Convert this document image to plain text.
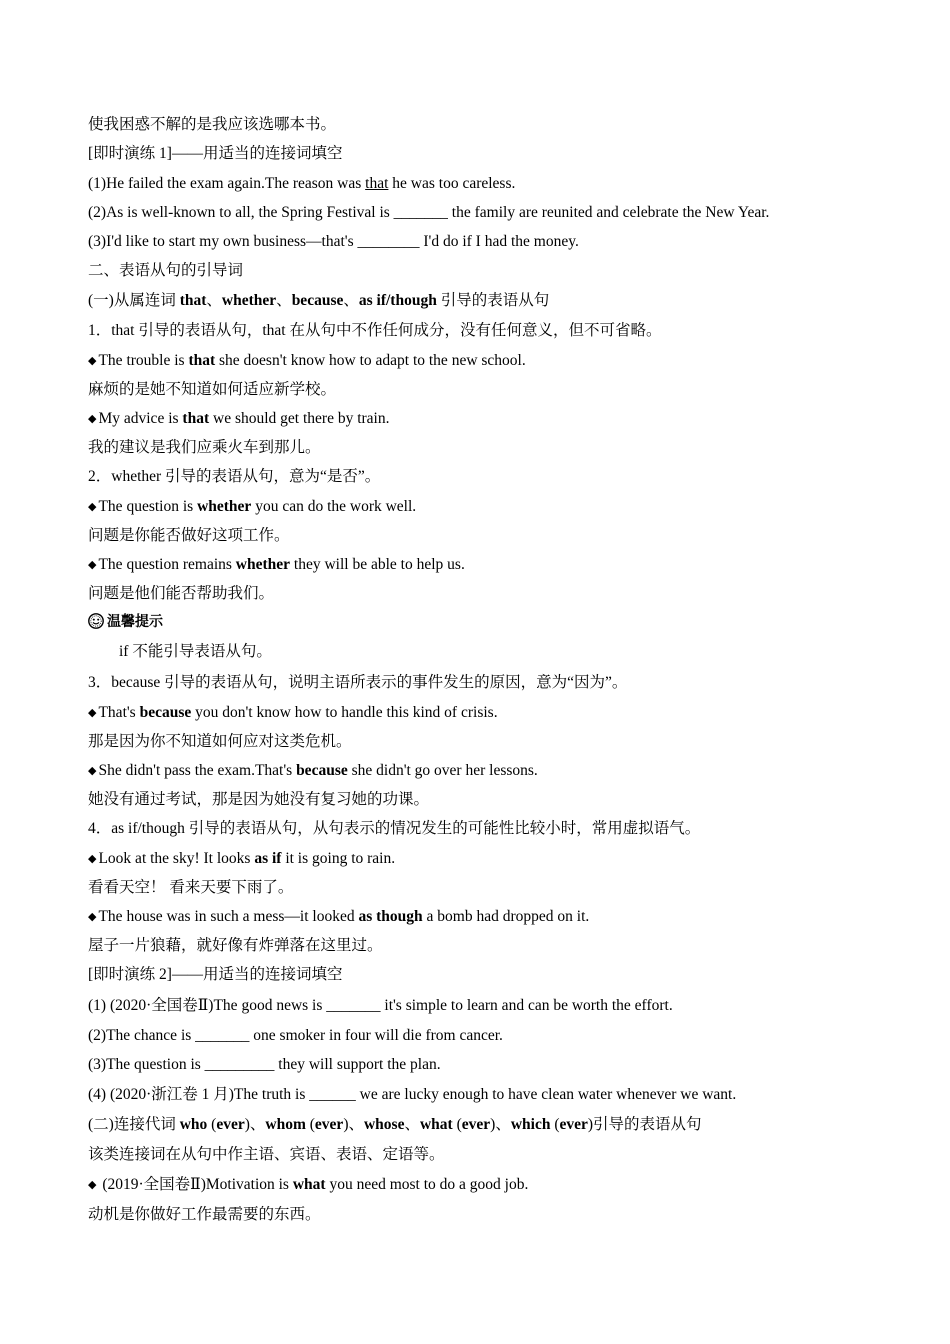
使我困惑不解的是我应该选哪本书。
[即时演练 1]——用适当的连接词填空
(1)He failed the exam again.The reason was that he was too careless.
(2)As is well-known to all, the Spring Festival is _______ the family are reunited and celebrate the New Year.
(3)I'd like to start my own business—that's ________ I'd do if I had the money.
二、表语从句的引导词
(一)从属连词 that、whether、because、as if/though 引导的表语从句
1．that 引导的表语从句，that 在从句中不作任何成分，没有任何意义，但不可省略。
◆ The trouble is that she doesn't know how to adapt to the new school.
麻烦的是她不知道如何适应新学校。
◆ My advice is that we should get there by train.
我的建议是我们应乘火车到那儿。
2．whether 引导的表语从句，意为“是否”。
◆ The question is whether you can do the work well.
问题是你能否做好这项工作。
◆ The question remains whether they will be able to help us.
问题是他们能否帮助我们。
温馨提示
if 不能引导表语从句。
3．because 引导的表语从句，说明主语所表示的事件发生的原因，意为“因为”。
◆ That's because you don't know how to handle this kind of crisis.
那是因为你不知道如何应对这类危机。
◆ She didn't pass the exam.That's because she didn't go over her lessons.
她没有通过考试，那是因为她没有复习她的功课。
4．as if/though 引导的表语从句，从句表示的情况发生的可能性比较小时，常用虚拟语气。
◆ Look at the sky! It looks as if it is going to rain.
看看天空！ 看来天要下雨了。
◆ The house was in such a mess—it looked as though a bomb had dropped on it.
屋子一片狼藉，就好像有炸弹落在这里过。
[即时演练 2]——用适当的连接词填空
(1) (2020·全国卷Ⅱ)The good news is _______ it's simple to learn and can be worth the effort.
(2)The chance is _______ one smoker in four will die from cancer.
(3)The question is _________ they will support the plan.
(4) (2020·浙江卷 1 月)The truth is ______ we are lucky enough to have clean water whenever we want.
(二)连接代词 who (ever)、whom (ever)、whose、what (ever)、which (ever)引导的表语从句
该类连接词在从句中作主语、宾语、表语、定语等。
◆ (2019·全国卷Ⅱ)Motivation is what you need most to do a good job.
动机是你做好工作最需要的东西。
